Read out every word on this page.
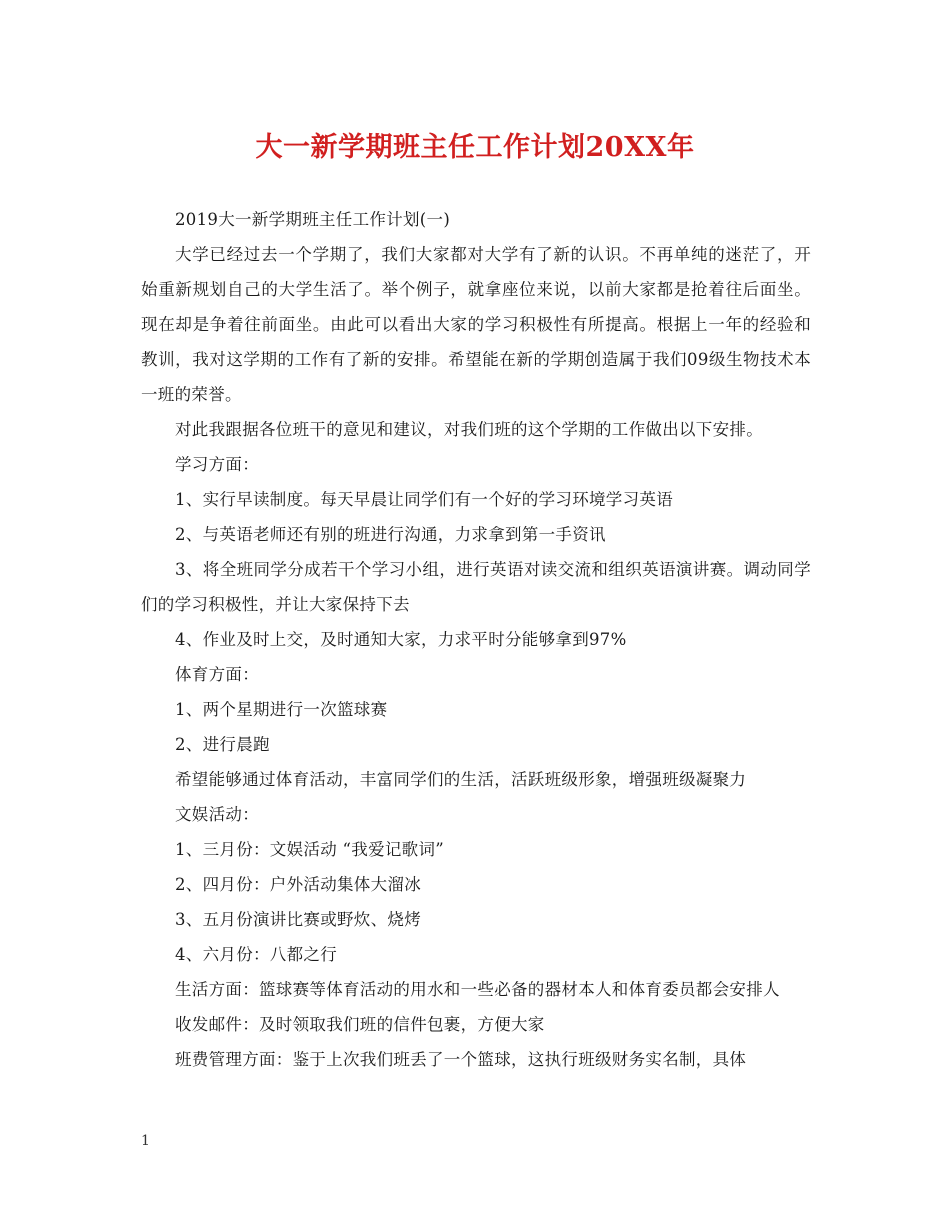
大一新学期班主任工作计划20XX年

2019大一新学期班主任工作计划(一)

大学已经过去一个学期了，我们大家都对大学有了新的认识。不再单纯的迷茫了，开始重新规划自己的大学生活了。举个例子，就拿座位来说，以前大家都是抢着往后面坐。现在却是争着往前面坐。由此可以看出大家的学习积极性有所提高。根据上一年的经验和教训，我对这学期的工作有了新的安排。希望能在新的学期创造属于我们09级生物技术本一班的荣誉。

对此我跟据各位班干的意见和建议，对我们班的这个学期的工作做出以下安排。

学习方面：

1、实行早读制度。每天早晨让同学们有一个好的学习环境学习英语

2、与英语老师还有别的班进行沟通，力求拿到第一手资讯

3、将全班同学分成若干个学习小组，进行英语对读交流和组织英语演讲赛。调动同学们的学习积极性，并让大家保持下去

4、作业及时上交，及时通知大家，力求平时分能够拿到97%

体育方面：

1、两个星期进行一次篮球赛

2、进行晨跑

希望能够通过体育活动，丰富同学们的生活，活跃班级形象，增强班级凝聚力

文娱活动：

1、三月份：文娱活动 “我爱记歌词”

2、四月份：户外活动集体大溜冰

3、五月份演讲比赛或野炊、烧烤

4、六月份：八都之行

生活方面：篮球赛等体育活动的用水和一些必备的器材本人和体育委员都会安排人

收发邮件：及时领取我们班的信件包裹，方便大家

班费管理方面：鉴于上次我们班丢了一个篮球，这执行班级财务实名制，具体

1
